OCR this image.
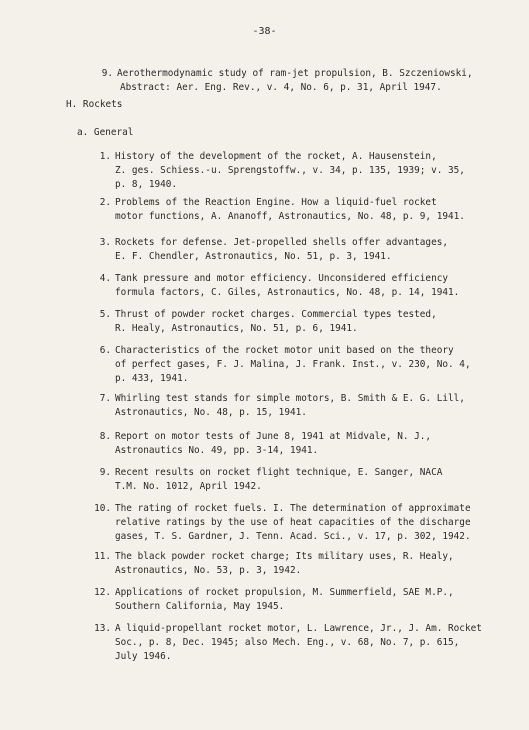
-38-
9. Aerothermodynamic study of ram-jet propulsion, B. Szczeniowski,
Abstract: Aer. Eng. Rev., v. 4, No. 6, p. 31, April 1947.
H. Rockets
a. General
1. History of the development of the rocket, A. Hausenstein,
Z. ges. Schiess.-u. Sprengstoffw., v. 34, p. 135, 1939; v. 35,
p. 8, 1940.
2. Problems of the Reaction Engine. How a liquid-fuel rocket
motor functions, A. Ananoff, Astronautics, No. 48, p. 9, 1941.
3. Rockets for defense. Jet-propelled shells offer advantages,
E. F. Chendler, Astronautics, No. 51, p. 3, 1941.
4. Tank pressure and motor efficiency. Unconsidered efficiency
formula factors, C. Giles, Astronautics, No. 48, p. 14, 1941.
5. Thrust of powder rocket charges. Commercial types tested,
R. Healy, Astronautics, No. 51, p. 6, 1941.
6. Characteristics of the rocket motor unit based on the theory
of perfect gases, F. J. Malina, J. Frank. Inst., v. 230, No. 4,
p. 433, 1941.
7. Whirling test stands for simple motors, B. Smith & E. G. Lill,
Astronautics, No. 48, p. 15, 1941.
8. Report on motor tests of June 8, 1941 at Midvale, N. J.,
Astronautics No. 49, pp. 3-14, 1941.
9. Recent results on rocket flight technique, E. Sanger, NACA
T.M. No. 1012, April 1942.
10. The rating of rocket fuels. I. The determination of approximate
relative ratings by the use of heat capacities of the discharge
gases, T. S. Gardner, J. Tenn. Acad. Sci., v. 17, p. 302, 1942.
11. The black powder rocket charge; Its military uses, R. Healy,
Astronautics, No. 53, p. 3, 1942.
12. Applications of rocket propulsion, M. Summerfield, SAE M.P.,
Southern California, May 1945.
13. A liquid-propellant rocket motor, L. Lawrence, Jr., J. Am. Rocket
Soc., p. 8, Dec. 1945; also Mech. Eng., v. 68, No. 7, p. 615,
July 1946.
